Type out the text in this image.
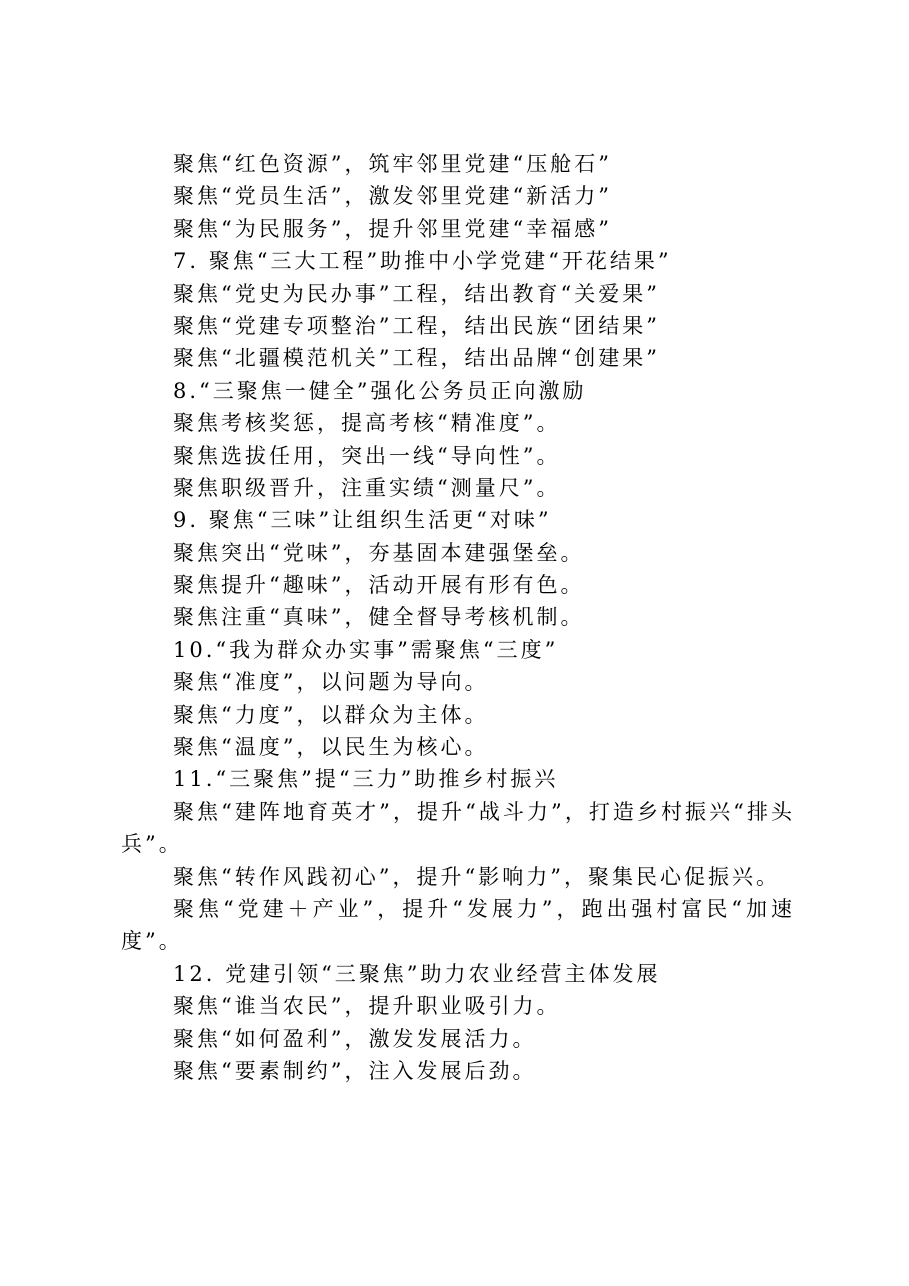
聚焦“红色资源”，筑牢邻里党建“压舱石”
聚焦“党员生活”，激发邻里党建“新活力”
聚焦“为民服务”，提升邻里党建“幸福感”
7. 聚焦“三大工程”助推中小学党建“开花结果”
聚焦“党史为民办事”工程，结出教育“关爱果”
聚焦“党建专项整治”工程，结出民族“团结果”
聚焦“北疆模范机关”工程，结出品牌“创建果”
8.“三聚焦一健全”强化公务员正向激励
聚焦考核奖惩，提高考核“精准度”。
聚焦选拔任用，突出一线“导向性”。
聚焦职级晋升，注重实绩“测量尺”。
9. 聚焦“三味”让组织生活更“对味”
聚焦突出“党味”，夯基固本建强堡垒。
聚焦提升“趣味”，活动开展有形有色。
聚焦注重“真味”，健全督导考核机制。
10.“我为群众办实事”需聚焦“三度”
聚焦“准度”，以问题为导向。
聚焦“力度”，以群众为主体。
聚焦“温度”，以民生为核心。
11.“三聚焦”提“三力”助推乡村振兴
聚焦“建阵地育英才”，提升“战斗力”，打造乡村振兴“排头兵”。
聚焦“转作风践初心”，提升“影响力”，聚集民心促振兴。
聚焦“党建＋产业”，提升“发展力”，跑出强村富民“加速度”。
12. 党建引领“三聚焦”助力农业经营主体发展
聚焦“谁当农民”，提升职业吸引力。
聚焦“如何盈利”，激发发展活力。
聚焦“要素制约”，注入发展后劲。
